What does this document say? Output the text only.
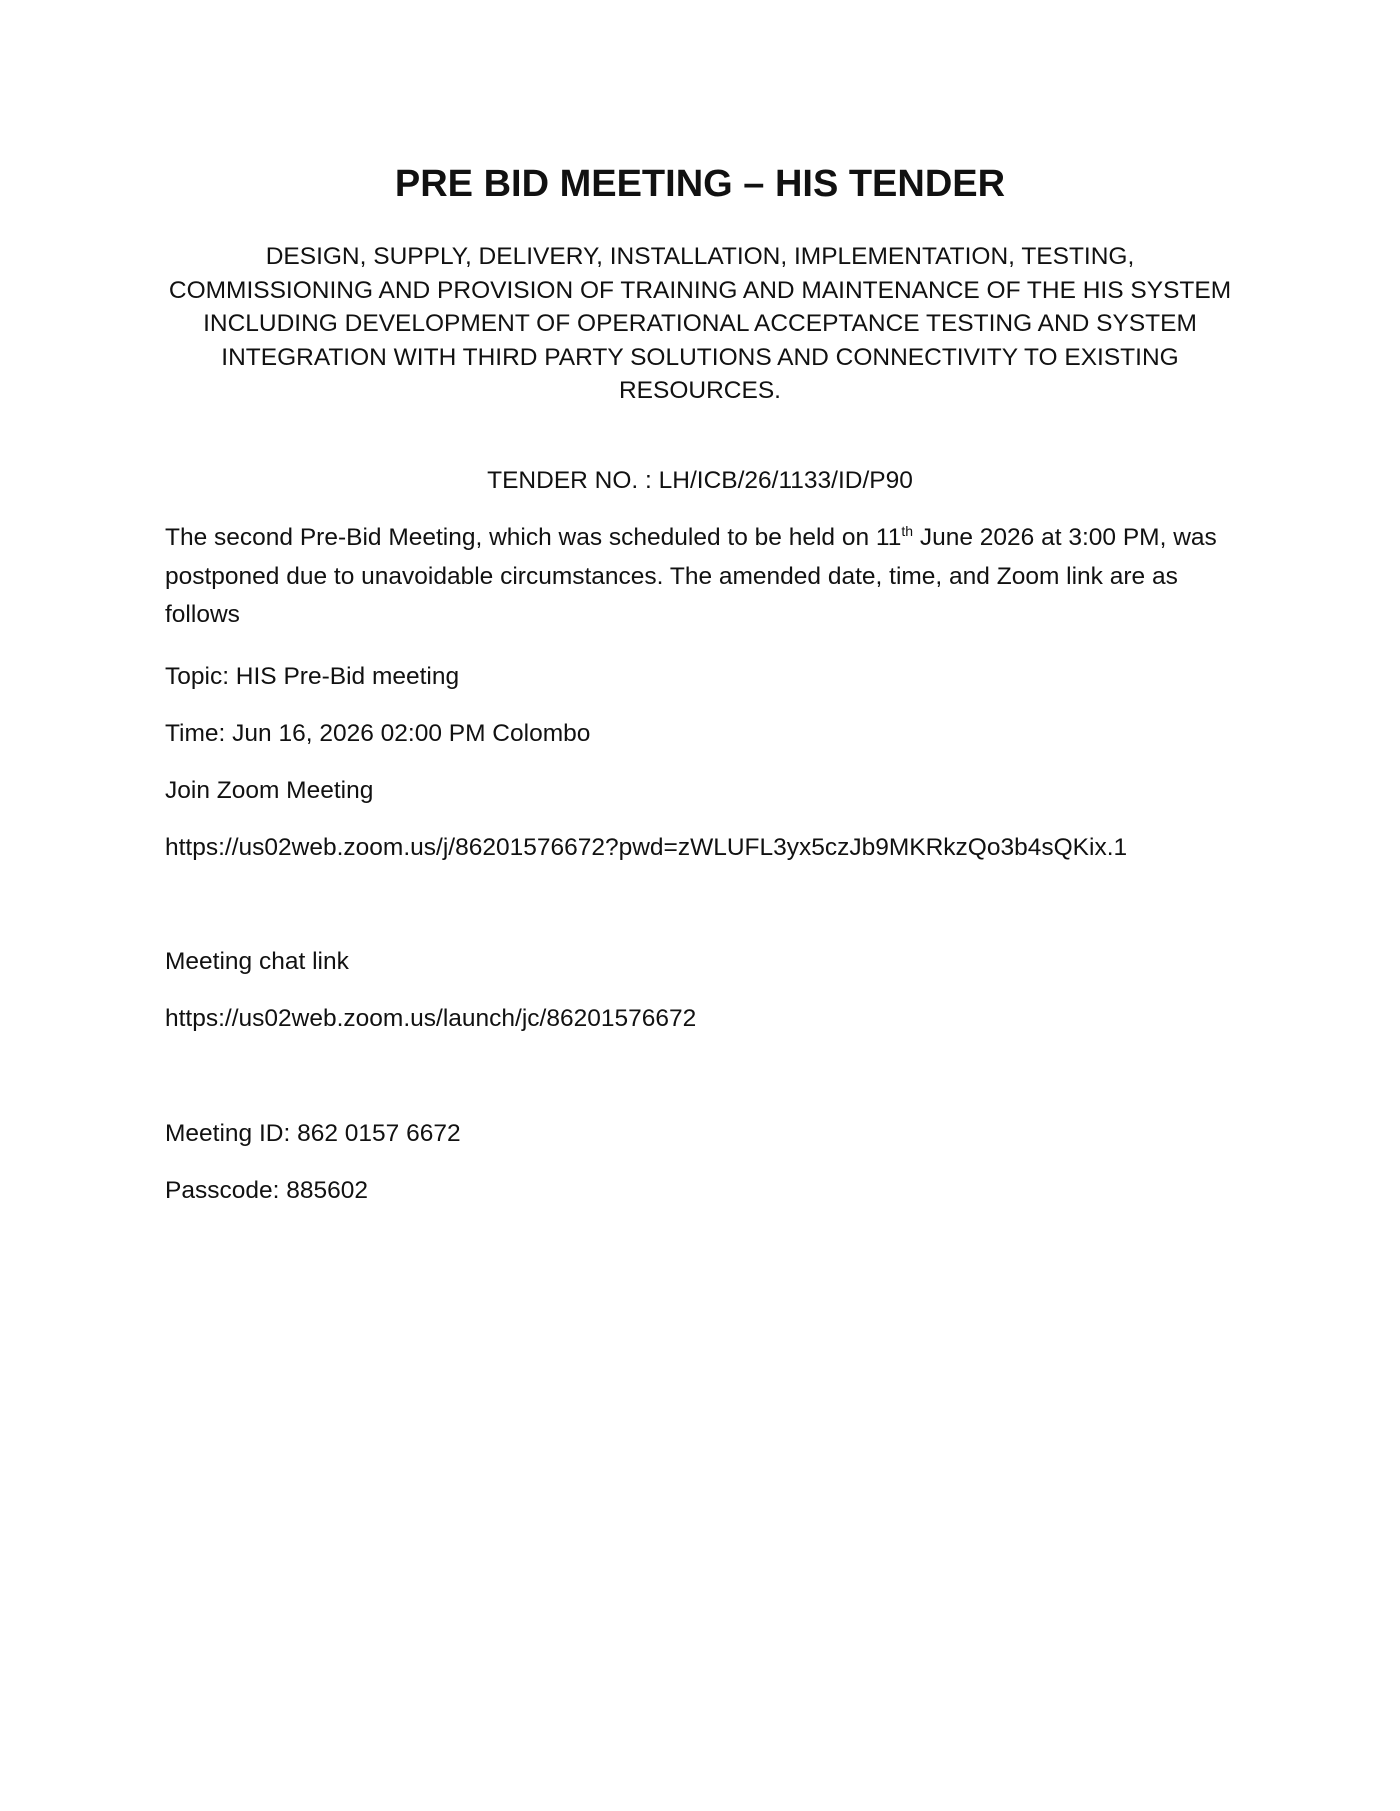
PRE BID MEETING – HIS TENDER

DESIGN, SUPPLY, DELIVERY, INSTALLATION, IMPLEMENTATION, TESTING, COMMISSIONING AND PROVISION OF TRAINING AND MAINTENANCE OF THE HIS SYSTEM INCLUDING DEVELOPMENT OF OPERATIONAL ACCEPTANCE TESTING AND SYSTEM INTEGRATION WITH THIRD PARTY SOLUTIONS AND CONNECTIVITY TO EXISTING RESOURCES.

TENDER NO. : LH/ICB/26/1133/ID/P90

The second Pre-Bid Meeting, which was scheduled to be held on 11th June 2026 at 3:00 PM, was postponed due to unavoidable circumstances. The amended date, time, and Zoom link are as follows

Topic: HIS Pre-Bid meeting

Time: Jun 16, 2026 02:00 PM Colombo

Join Zoom Meeting

https://us02web.zoom.us/j/86201576672?pwd=zWLUFL3yx5czJb9MKRkzQo3b4sQKix.1

Meeting chat link

https://us02web.zoom.us/launch/jc/86201576672

Meeting ID: 862 0157 6672

Passcode: 885602
